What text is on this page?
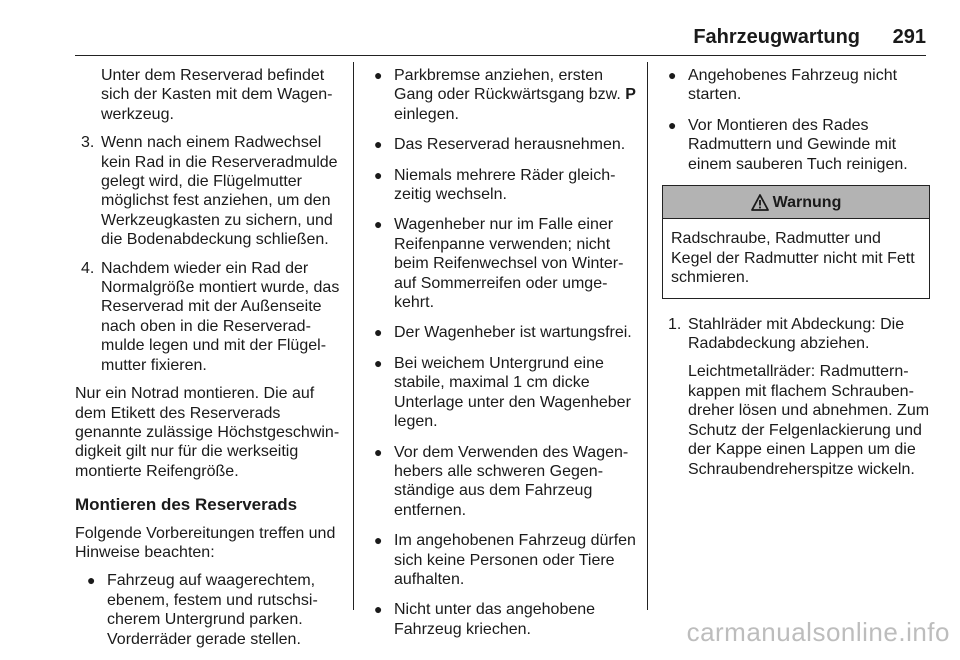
Fahrzeugwartung 291

Unter dem Reserverad befindet sich der Kasten mit dem Wagenwerkzeug.

3. Wenn nach einem Radwechsel kein Rad in die Reserveradmulde gelegt wird, die Flügelmutter möglichst fest anziehen, um den Werkzeugkasten zu sichern, und die Bodenabdeckung schließen.
4. Nachdem wieder ein Rad der Normalgröße montiert wurde, das Reserverad mit der Außenseite nach oben in die Reserveradmulde legen und mit der Flügelmutter fixieren.

Nur ein Notrad montieren. Die auf dem Etikett des Reserverads genannte zulässige Höchstgeschwindigkeit gilt nur für die werkseitig montierte Reifengröße.

Montieren des Reserverads

Folgende Vorbereitungen treffen und Hinweise beachten:

● Fahrzeug auf waagerechtem, ebenem, festem und rutschsicherem Untergrund parken. Vorderräder gerade stellen.
● Parkbremse anziehen, ersten Gang oder Rückwärtsgang bzw. P einlegen.
● Das Reserverad herausnehmen.
● Niemals mehrere Räder gleichzeitig wechseln.
● Wagenheber nur im Falle einer Reifenpanne verwenden; nicht beim Reifenwechsel von Winter- auf Sommerreifen oder umgekehrt.
● Der Wagenheber ist wartungsfrei.
● Bei weichem Untergrund eine stabile, maximal 1 cm dicke Unterlage unter den Wagenheber legen.
● Vor dem Verwenden des Wagenhebers alle schweren Gegenständige aus dem Fahrzeug entfernen.
● Im angehobenen Fahrzeug dürfen sich keine Personen oder Tiere aufhalten.
● Nicht unter das angehobene Fahrzeug kriechen.
● Angehobenes Fahrzeug nicht starten.
● Vor Montieren des Rades Radmuttern und Gewinde mit einem sauberen Tuch reinigen.
Warnung
Radschraube, Radmutter und Kegel der Radmutter nicht mit Fett schmieren.
1. Stahlräder mit Abdeckung: Die Radabdeckung abziehen.

Leichtmetallräder: Radmutternkappen mit flachem Schraubendreher lösen und abnehmen. Zum Schutz der Felgenlackierung und der Kappe einen Lappen um die Schraubendreherspitze wickeln.

carmanualsonline.info
